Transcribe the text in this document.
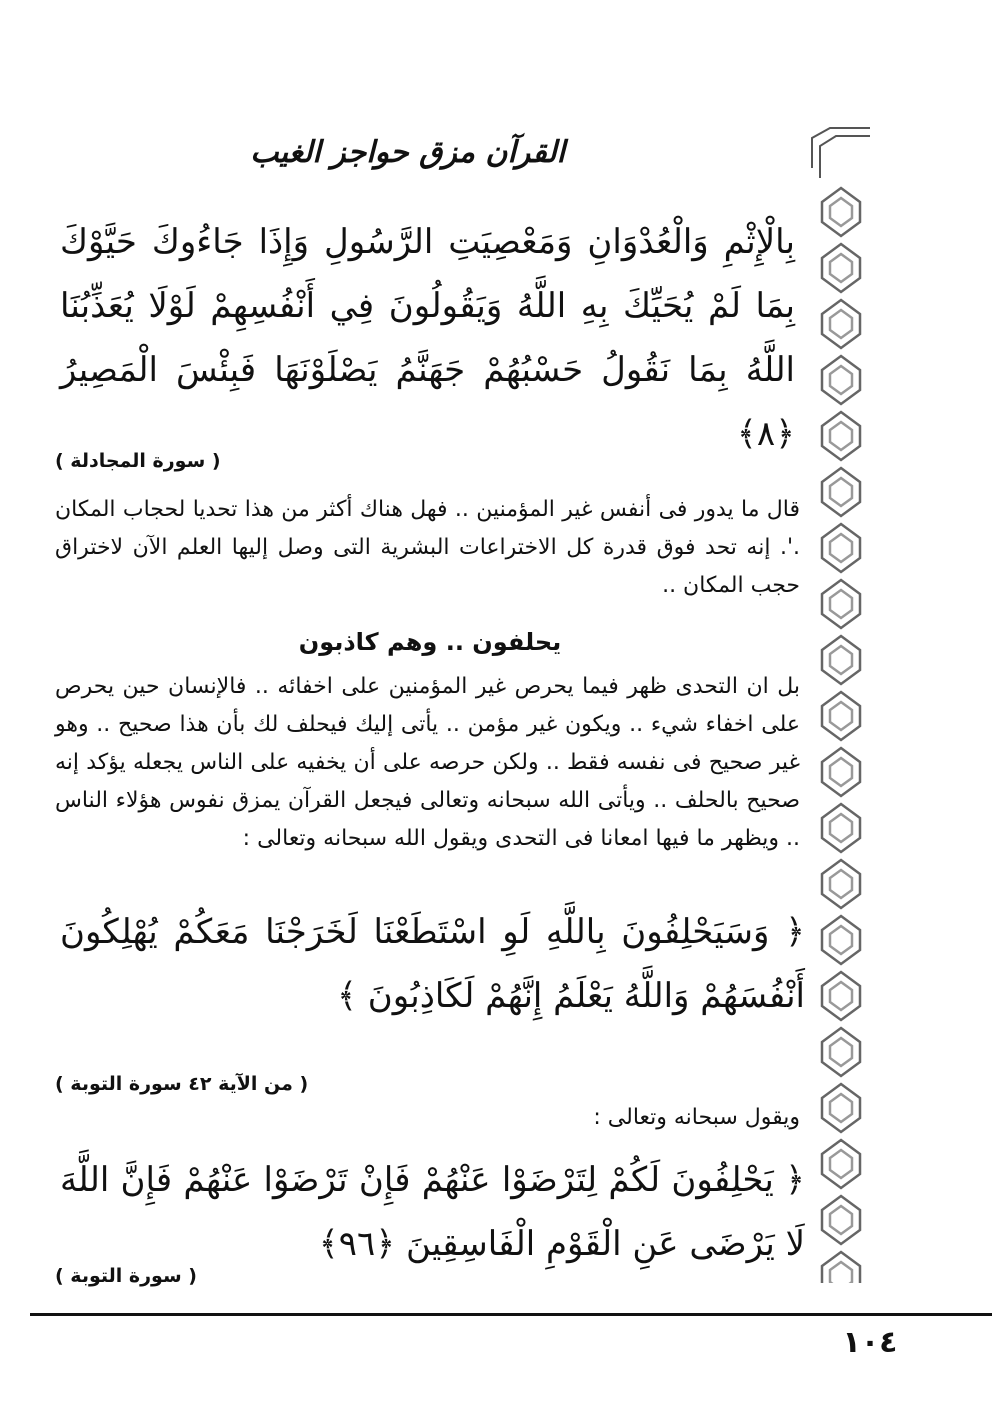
القرآن مزق حواجز الغيب
بِالْإِثْمِ وَالْعُدْوَانِ وَمَعْصِيَتِ الرَّسُولِ وَإِذَا جَاءُوكَ حَيَّوْكَ بِمَا لَمْ يُحَيِّكَ بِهِ اللَّهُ وَيَقُولُونَ فِي أَنْفُسِهِمْ لَوْلَا يُعَذِّبُنَا اللَّهُ بِمَا نَقُولُ حَسْبُهُمْ جَهَنَّمُ يَصْلَوْنَهَا فَبِئْسَ الْمَصِيرُ ﴿٨﴾
( سورة المجادلة )
قال ما يدور فى أنفس غير المؤمنين .. فهل هناك أكثر من هذا تحديا لحجاب المكان .'. إنه تحد فوق قدرة كل الاختراعات البشرية التى وصل إليها العلم الآن لاختراق حجب المكان ..
يحلفون .. وهم كاذبون
بل ان التحدى ظهر فيما يحرص غير المؤمنين على اخفائه .. فالإنسان حين يحرص على اخفاء شيء .. ويكون غير مؤمن .. يأتى إليك فيحلف لك بأن هذا صحيح .. وهو غير صحيح فى نفسه فقط .. ولكن حرصه على أن يخفيه على الناس يجعله يؤكد إنه صحيح بالحلف .. ويأتى الله سبحانه وتعالى فيجعل القرآن يمزق نفوس هؤلاء الناس .. ويظهر ما فيها امعانا فى التحدى ويقول الله سبحانه وتعالى :
﴿ وَسَيَحْلِفُونَ بِاللَّهِ لَوِ اسْتَطَعْنَا لَخَرَجْنَا مَعَكُمْ يُهْلِكُونَ أَنْفُسَهُمْ وَاللَّهُ يَعْلَمُ إِنَّهُمْ لَكَاذِبُونَ ﴾
( من الآية ٤٢ سورة التوبة )
ويقول سبحانه وتعالى :
﴿ يَحْلِفُونَ لَكُمْ لِتَرْضَوْا عَنْهُمْ فَإِنْ تَرْضَوْا عَنْهُمْ فَإِنَّ اللَّهَ لَا يَرْضَى عَنِ الْقَوْمِ الْفَاسِقِينَ ﴿٩٦﴾
( سورة التوبة )
١٠٤
